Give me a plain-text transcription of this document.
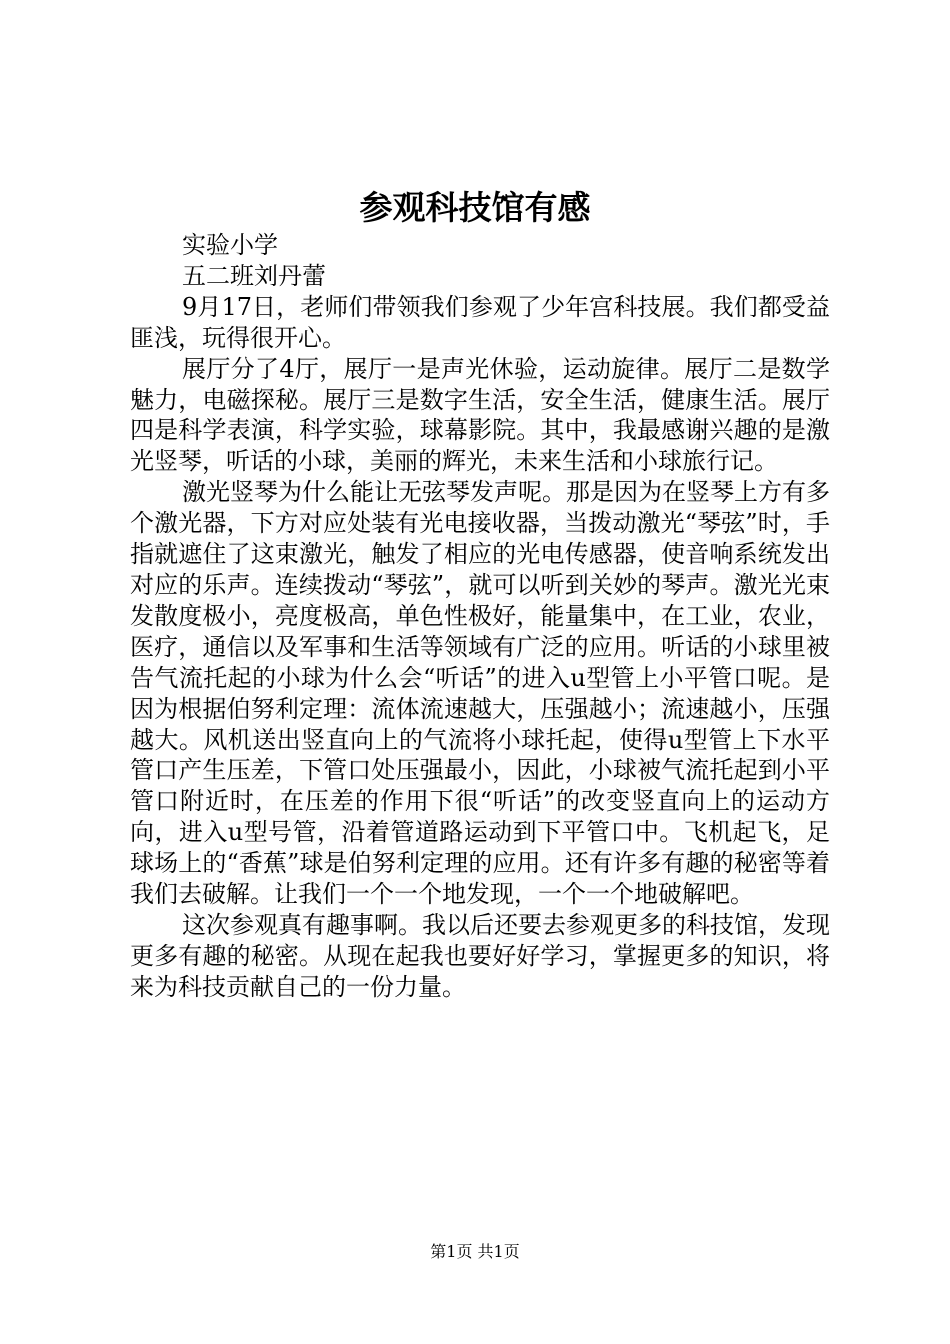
参观科技馆有感

实验小学

五二班刘丹蕾

9月17日，老师们带领我们参观了少年宫科技展。我们都受益匪浅，玩得很开心。

展厅分了4厅，展厅一是声光休验，运动旋律。展厅二是数学魅力，电磁探秘。展厅三是数字生活，安全生活，健康生活。展厅四是科学表演，科学实验，球幕影院。其中，我最感谢兴趣的是激光竖琴，听话的小球，美丽的辉光，未来生活和小球旅行记。

激光竖琴为什么能让无弦琴发声呢。那是因为在竖琴上方有多个激光器，下方对应处装有光电接收器，当拨动激光“琴弦”时，手指就遮住了这束激光，触发了相应的光电传感器，使音响系统发出对应的乐声。连续拨动“琴弦”，就可以听到关妙的琴声。激光光束发散度极小，亮度极高，单色性极好，能量集中，在工业，农业，医疗，通信以及军事和生活等领域有广泛的应用。听话的小球里被告气流托起的小球为什么会“听话”的进入u型管上小平管口呢。是因为根据伯努利定理：流体流速越大，压强越小；流速越小，压强越大。风机送出竖直向上的气流将小球托起，使得u型管上下水平管口产生压差，下管口处压强最小，因此，小球被气流托起到小平管口附近时，在压差的作用下很“听话”的改变竖直向上的运动方向，进入u型号管，沿着管道路运动到下平管口中。飞机起飞，足球场上的“香蕉”球是伯努利定理的应用。还有许多有趣的秘密等着我们去破解。让我们一个一个地发现，一个一个地破解吧。

这次参观真有趣事啊。我以后还要去参观更多的科技馆，发现更多有趣的秘密。从现在起我也要好好学习，掌握更多的知识，将来为科技贡献自己的一份力量。

第1页 共1页
